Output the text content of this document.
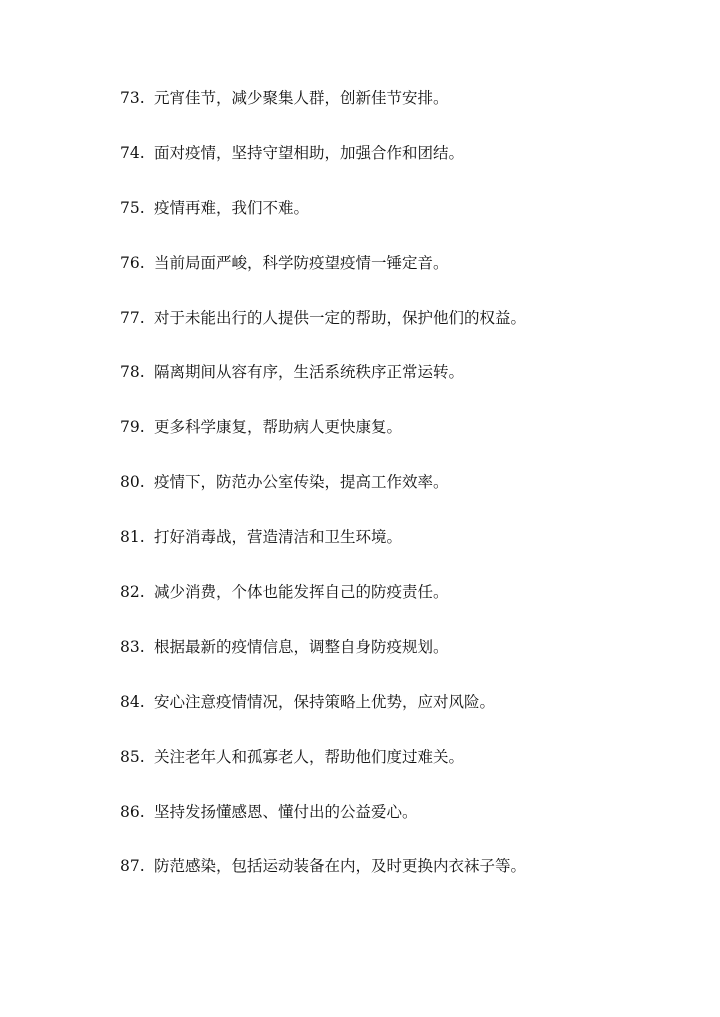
73. 元宵佳节，减少聚集人群，创新佳节安排。
74. 面对疫情，坚持守望相助，加强合作和团结。
75. 疫情再难，我们不难。
76. 当前局面严峻，科学防疫望疫情一锤定音。
77. 对于未能出行的人提供一定的帮助，保护他们的权益。
78. 隔离期间从容有序，生活系统秩序正常运转。
79. 更多科学康复，帮助病人更快康复。
80. 疫情下，防范办公室传染，提高工作效率。
81. 打好消毒战，营造清洁和卫生环境。
82. 减少消费，个体也能发挥自己的防疫责任。
83. 根据最新的疫情信息，调整自身防疫规划。
84. 安心注意疫情情况，保持策略上优势，应对风险。
85. 关注老年人和孤寡老人，帮助他们度过难关。
86. 坚持发扬懂感恩、懂付出的公益爱心。
87. 防范感染，包括运动装备在内，及时更换内衣袜子等。
